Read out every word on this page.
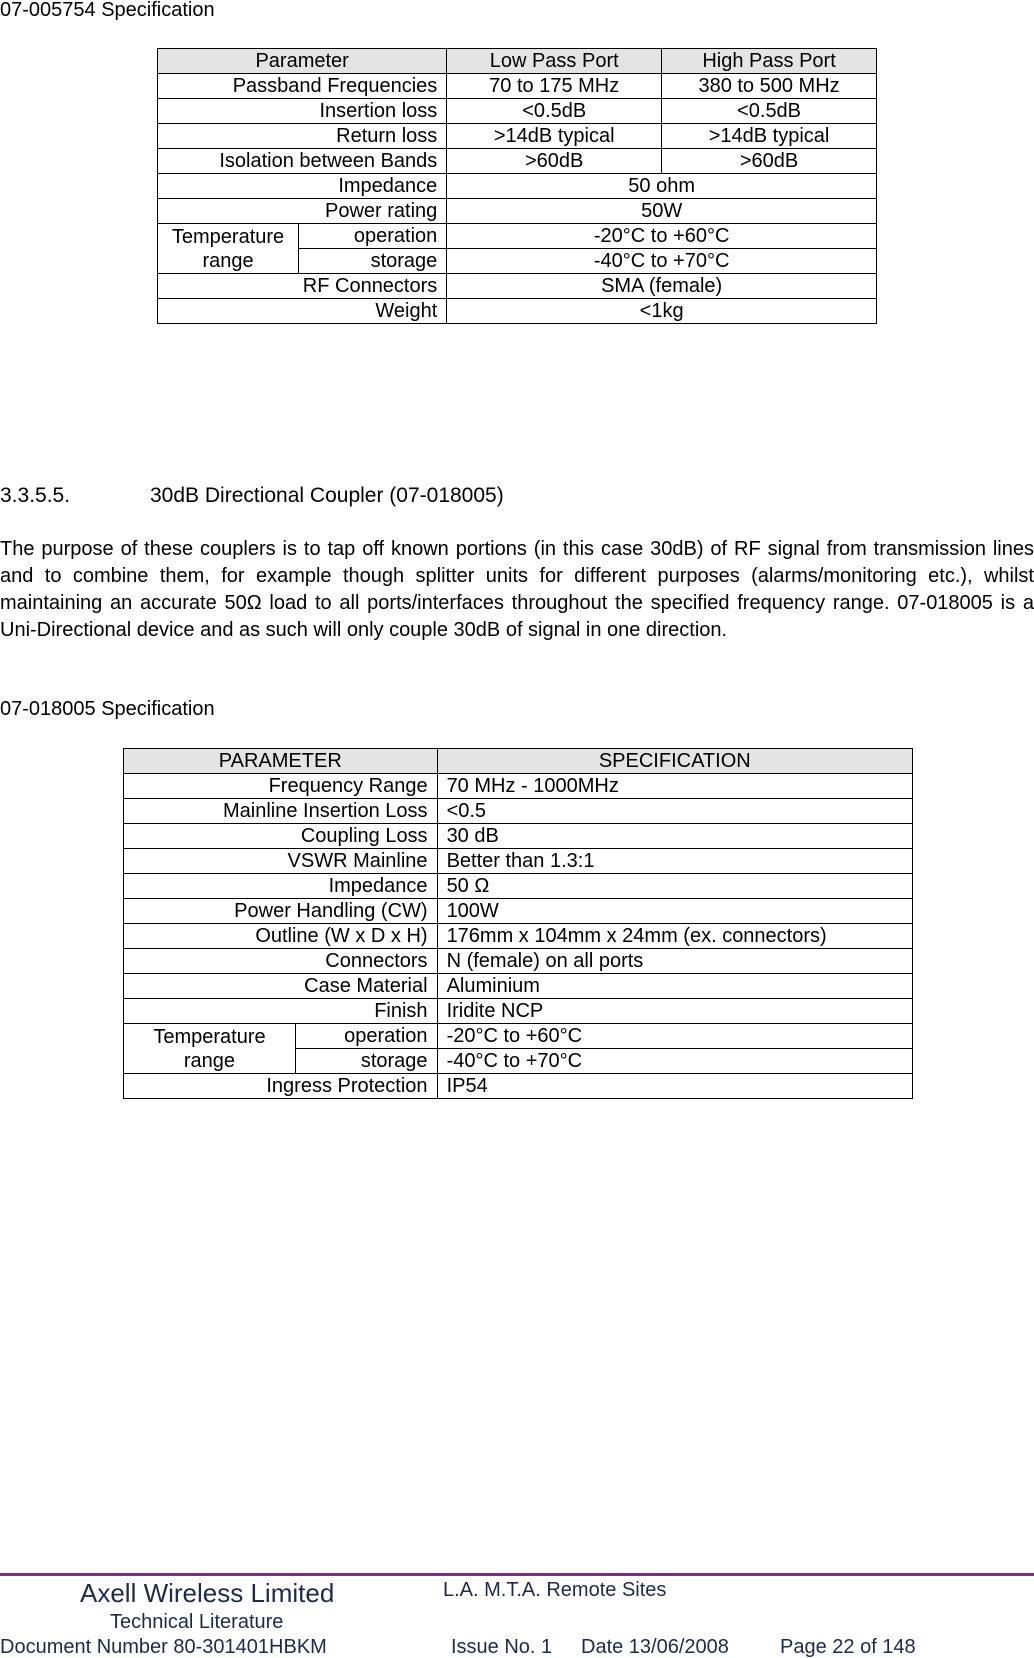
07-005754 Specification
Parameter		Low Pass Port	High Pass Port
Passband Frequencies		70 to 175 MHz	380 to 500 MHz
Insertion loss		<0.5dB	<0.5dB
Return loss		>14dB typical	>14dB typical
Isolation between Bands		>60dB	>60dB
Impedance		50 ohm	
Power rating		50W	
Temperature
range	operation	-20°C to +60°C	
	storage	-40°C to +70°C	
RF Connectors		SMA (female)	
Weight		<1kg	
3.3.5.5.	30dB Directional Coupler (07-018005)
The purpose of these couplers is to tap off known portions (in this case 30dB) of RF signal from transmission lines and to combine them, for example though splitter units for different purposes (alarms/monitoring etc.), whilst maintaining an accurate 50Ω load to all ports/interfaces throughout the specified frequency range. 07-018005 is a Uni-Directional device and as such will only couple 30dB of signal in one direction.
07-018005 Specification
PARAMETER		SPECIFICATION
Frequency Range		70 MHz - 1000MHz
Mainline Insertion Loss		<0.5
Coupling Loss		30 dB
VSWR Mainline		Better than 1.3:1
Impedance		50 Ω
Power Handling (CW)		100W
Outline (W x D x H)		176mm x 104mm x 24mm (ex. connectors)
Connectors		N (female) on all ports
Case Material		Aluminium
Finish		Iridite NCP
Temperature
range	operation	-20°C to +60°C
	storage	-40°C to +70°C
Ingress Protection		IP54
Axell Wireless Limited	L.A. M.T.A. Remote Sites
Technical Literature
Document Number 80-301401HBKM	Issue No. 1 Date 13/06/2008	Page 22 of 148
